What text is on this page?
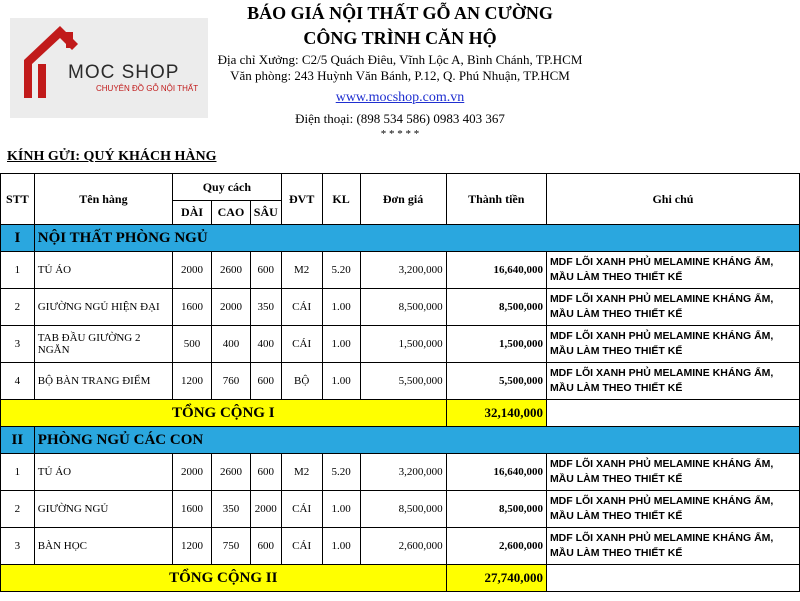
MOC SHOP
CHUYÊN ĐỒ GỖ NỘI THẤT
BÁO GIÁ NỘI THẤT GỖ AN CƯỜNG
CÔNG TRÌNH CĂN HỘ
Địa chỉ Xưởng: C2/5 Quách Điêu, Vĩnh Lộc A, Bình Chánh, TP.HCM
Văn phòng: 243 Huỳnh Văn Bánh, P.12, Q. Phú Nhuận, TP.HCM
www.mocshop.com.vn
Điện thoại: (898 534 586) 0983 403 367
* * * * *
KÍNH GỬI: QUÝ KHÁCH HÀNG
STT	Tên hàng	Quy cách			ĐVT	KL	Đơn giá	Thành tiền	Ghi chú
		DÀI	CAO	SÂU					
I	NỘI THẤT PHÒNG NGỦ								
1	TỦ ÁO	2000	2600	600	M2	5.20	3,200,000	16,640,000	MDF LÕI XANH PHỦ MELAMINE KHÁNG ẨM, MẦU LÀM THEO THIẾT KẾ
2	GIƯỜNG NGỦ HIỆN ĐẠI	1600	2000	350	CÁI	1.00	8,500,000	8,500,000	MDF LÕI XANH PHỦ MELAMINE KHÁNG ẨM, MẦU LÀM THEO THIẾT KẾ
3	TAB ĐẦU GIƯỜNG 2 NGĂN	500	400	400	CÁI	1.00	1,500,000	1,500,000	MDF LÕI XANH PHỦ MELAMINE KHÁNG ẨM, MẦU LÀM THEO THIẾT KẾ
4	BỘ BÀN TRANG ĐIỂM	1200	760	600	BỘ	1.00	5,500,000	5,500,000	MDF LÕI XANH PHỦ MELAMINE KHÁNG ẨM, MẦU LÀM THEO THIẾT KẾ
TỔNG CỘNG I								32,140,000	
II	PHÒNG NGỦ CÁC CON								
1	TỦ ÁO	2000	2600	600	M2	5.20	3,200,000	16,640,000	MDF LÕI XANH PHỦ MELAMINE KHÁNG ẨM, MẦU LÀM THEO THIẾT KẾ
2	GIƯỜNG NGỦ	1600	350	2000	CÁI	1.00	8,500,000	8,500,000	MDF LÕI XANH PHỦ MELAMINE KHÁNG ẨM, MẦU LÀM THEO THIẾT KẾ
3	BÀN HỌC	1200	750	600	CÁI	1.00	2,600,000	2,600,000	MDF LÕI XANH PHỦ MELAMINE KHÁNG ẨM, MẦU LÀM THEO THIẾT KẾ
TỔNG CỘNG II								27,740,000	
